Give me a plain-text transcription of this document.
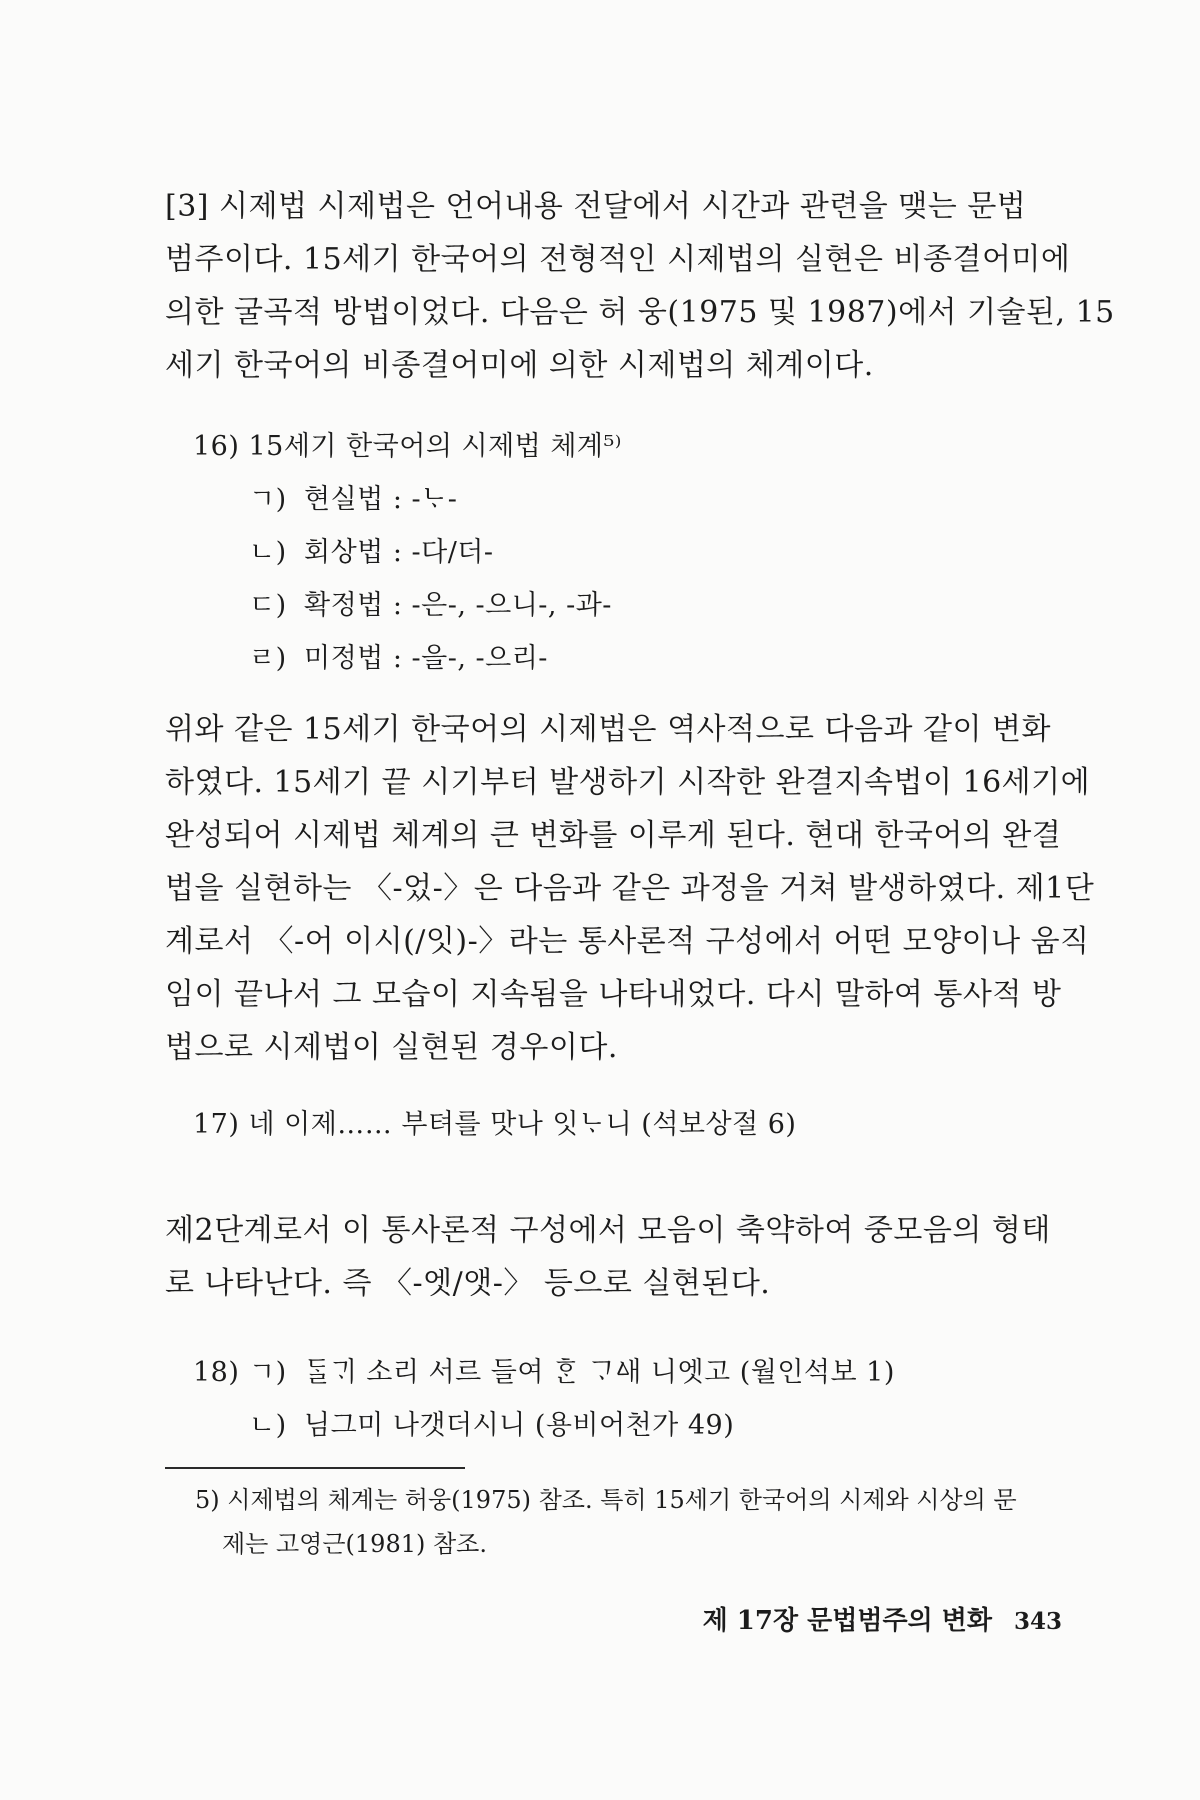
[3] 시제법 시제법은 언어내용 전달에서 시간과 관련을 맺는 문법

범주이다. 15세기 한국어의 전형적인 시제법의 실현은 비종결어미에

의한 굴곡적 방법이었다. 다음은 허 웅(1975 및 1987)에서 기술된, 15

세기 한국어의 비종결어미에 의한 시제법의 체계이다.

16) 15세기 한국어의 시제법 체계⁵⁾
ㄱ) 현실법 : -ᄂᆞ-
ㄴ) 회상법 : -다/더-
ㄷ) 확정법 : -은-, -으니-, -과-
ㄹ) 미정법 : -을-, -으리-

위와 같은 15세기 한국어의 시제법은 역사적으로 다음과 같이 변화

하였다. 15세기 끝 시기부터 발생하기 시작한 완결지속법이 16세기에

완성되어 시제법 체계의 큰 변화를 이루게 된다. 현대 한국어의 완결

법을 실현하는 〈-었-〉은 다음과 같은 과정을 거쳐 발생하였다. 제1단

계로서 〈-어 이시(/잇)-〉라는 통사론적 구성에서 어떤 모양이나 움직

임이 끝나서 그 모습이 지속됨을 나타내었다. 다시 말하여 통사적 방

법으로 시제법이 실현된 경우이다.

17) 네 이제…… 부텨를 맛나 잇ᄂᆞ니 (석보상절 6)

제2단계로서 이 통사론적 구성에서 모음이 축약하여 중모음의 형태

로 나타난다. 즉 〈-엣/앳-〉 등으로 실현된다.

18) ㄱ) ᄃᆞᆯᄀᆡ 소리 서르 들여 ᄒᆞᆫ ᄀᆞᅀᅢ 니엣고 (월인석보 1)
ㄴ) 님그미 나갯더시니 (용비어천가 49)

5) 시제법의 체계는 허웅(1975) 참조. 특히 15세기 한국어의 시제와 시상의 문

제는 고영근(1981) 참조.

제 17장 문법범주의 변화 343
